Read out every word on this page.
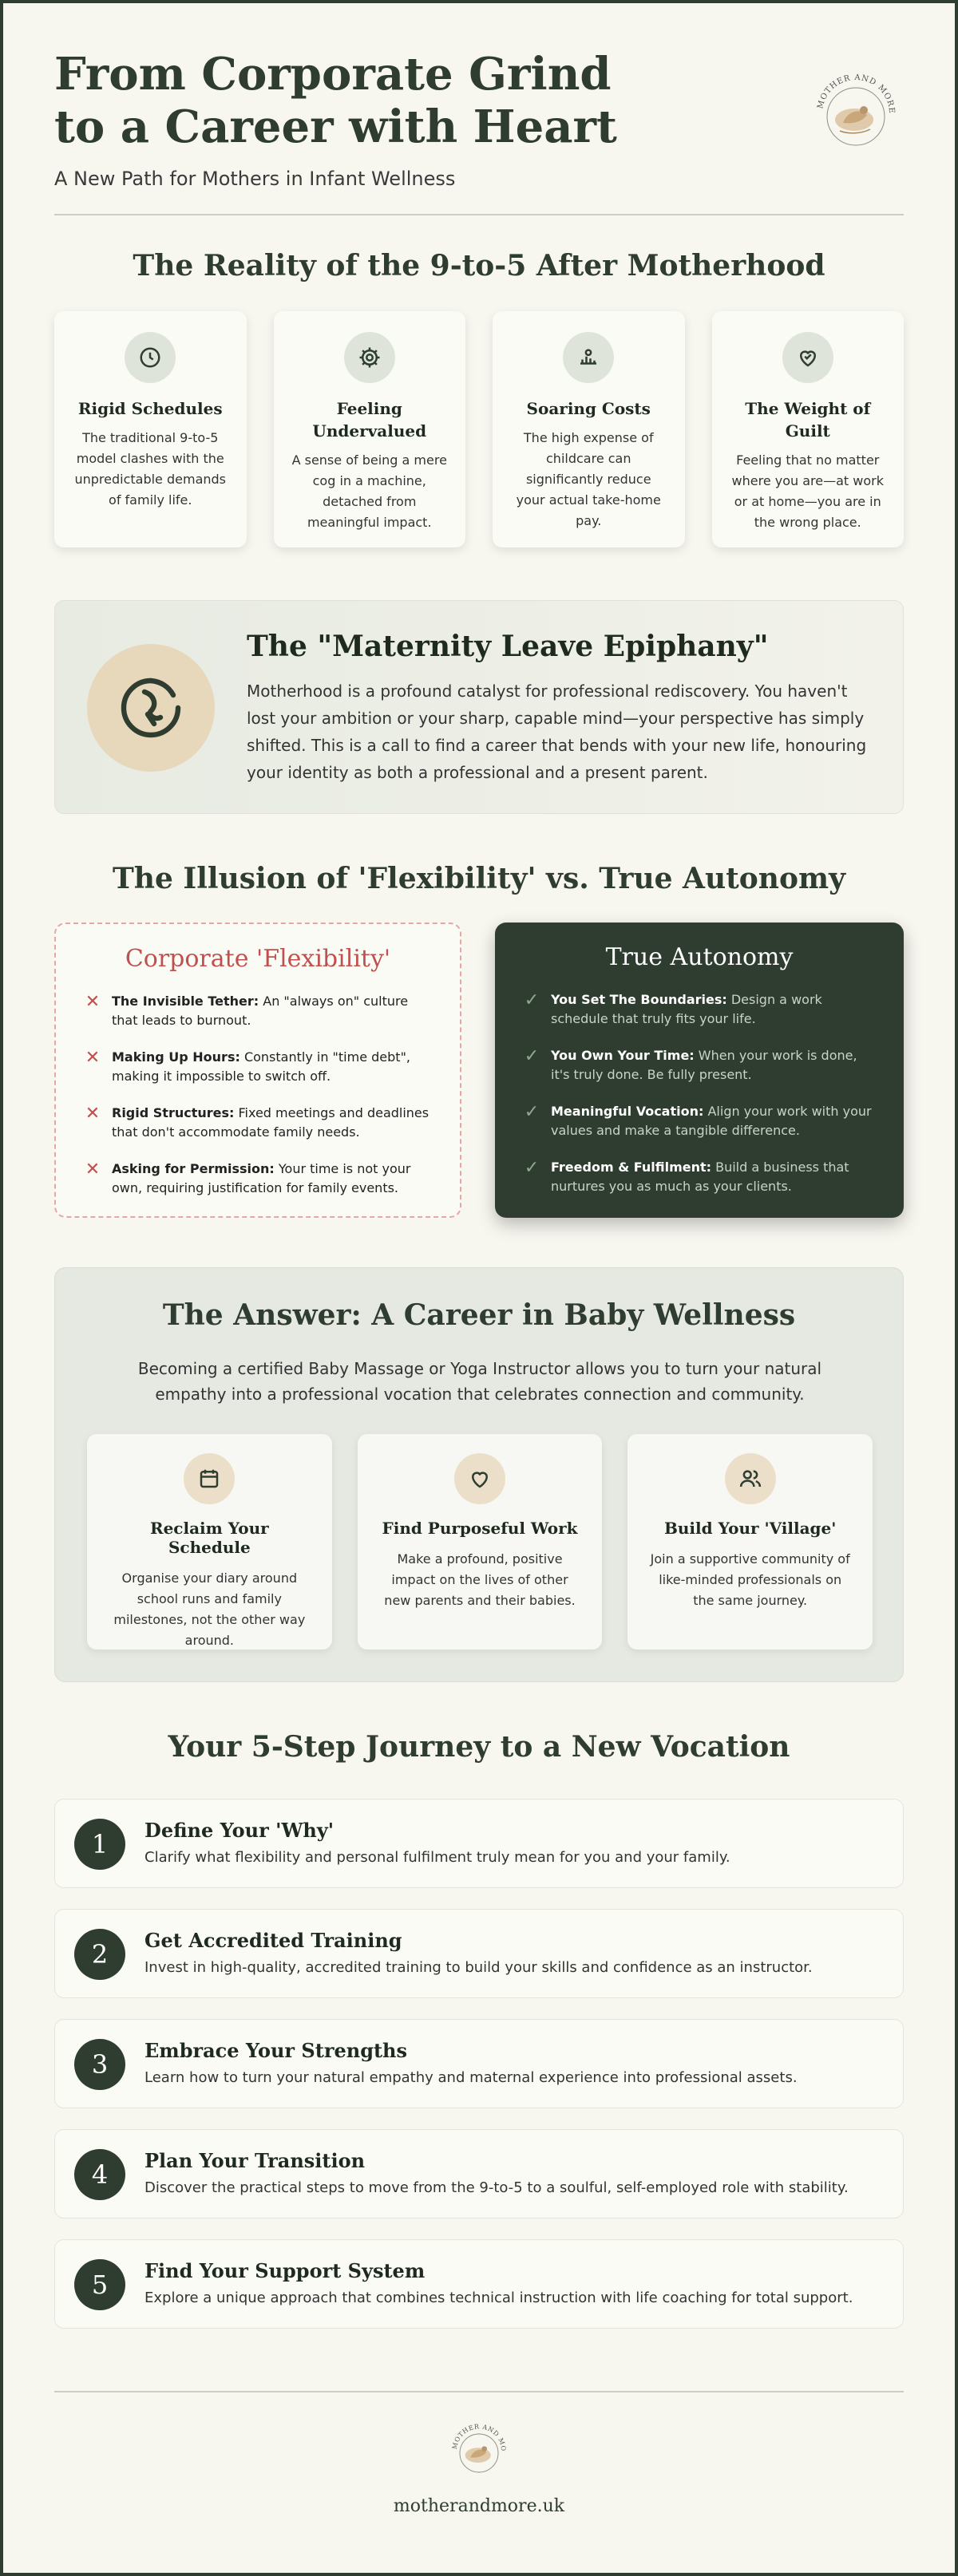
From Corporate Grind
to a Career with Heart
A New Path for Mothers in Infant Wellness
MOTHER AND MORE
The Reality of the 9-to-5 After Motherhood
Rigid Schedules

The traditional 9-to-5 model clashes with the unpredictable demands of family life.

Feeling Undervalued

A sense of being a mere cog in a machine, detached from meaningful impact.

Soaring Costs

The high expense of childcare can significantly reduce your actual take-home pay.

The Weight of Guilt

Feeling that no matter where you are—at work or at home—you are in the wrong place.

The "Maternity Leave Epiphany"

Motherhood is a profound catalyst for professional rediscovery. You haven't lost your ambition or your sharp, capable mind—your perspective has simply shifted. This is a call to find a career that bends with your new life, honouring your identity as both a professional and a present parent.

The Illusion of 'Flexibility' vs. True Autonomy
Corporate 'Flexibility'
✕ The Invisible Tether: An "always on" culture that leads to burnout.
✕ Making Up Hours: Constantly in "time debt", making it impossible to switch off.
✕ Rigid Structures: Fixed meetings and deadlines that don't accommodate family needs.
✕ Asking for Permission: Your time is not your own, requiring justification for family events.
True Autonomy
✓ You Set The Boundaries: Design a work schedule that truly fits your life.
✓ You Own Your Time: When your work is done, it's truly done. Be fully present.
✓ Meaningful Vocation: Align your work with your values and make a tangible difference.
✓ Freedom & Fulfilment: Build a business that nurtures you as much as your clients.
The Answer: A Career in Baby Wellness

Becoming a certified Baby Massage or Yoga Instructor allows you to turn your natural empathy into a professional vocation that celebrates connection and community.

Reclaim Your Schedule

Organise your diary around school runs and family milestones, not the other way around.

Find Purposeful Work

Make a profound, positive impact on the lives of other new parents and their babies.

Build Your 'Village'

Join a supportive community of like-minded professionals on the same journey.

Your 5-Step Journey to a New Vocation
1	Define Your 'Why'
Clarify what flexibility and personal fulfilment truly mean for you and your family.
2	Get Accredited Training
Invest in high-quality, accredited training to build your skills and confidence as an instructor.
3	Embrace Your Strengths
Learn how to turn your natural empathy and maternal experience into professional assets.
4	Plan Your Transition
Discover the practical steps to move from the 9-to-5 to a soulful, self-employed role with stability.
5	Find Your Support System
Explore a unique approach that combines technical instruction with life coaching for total support.
MOTHER AND MO
motherandmore.uk
